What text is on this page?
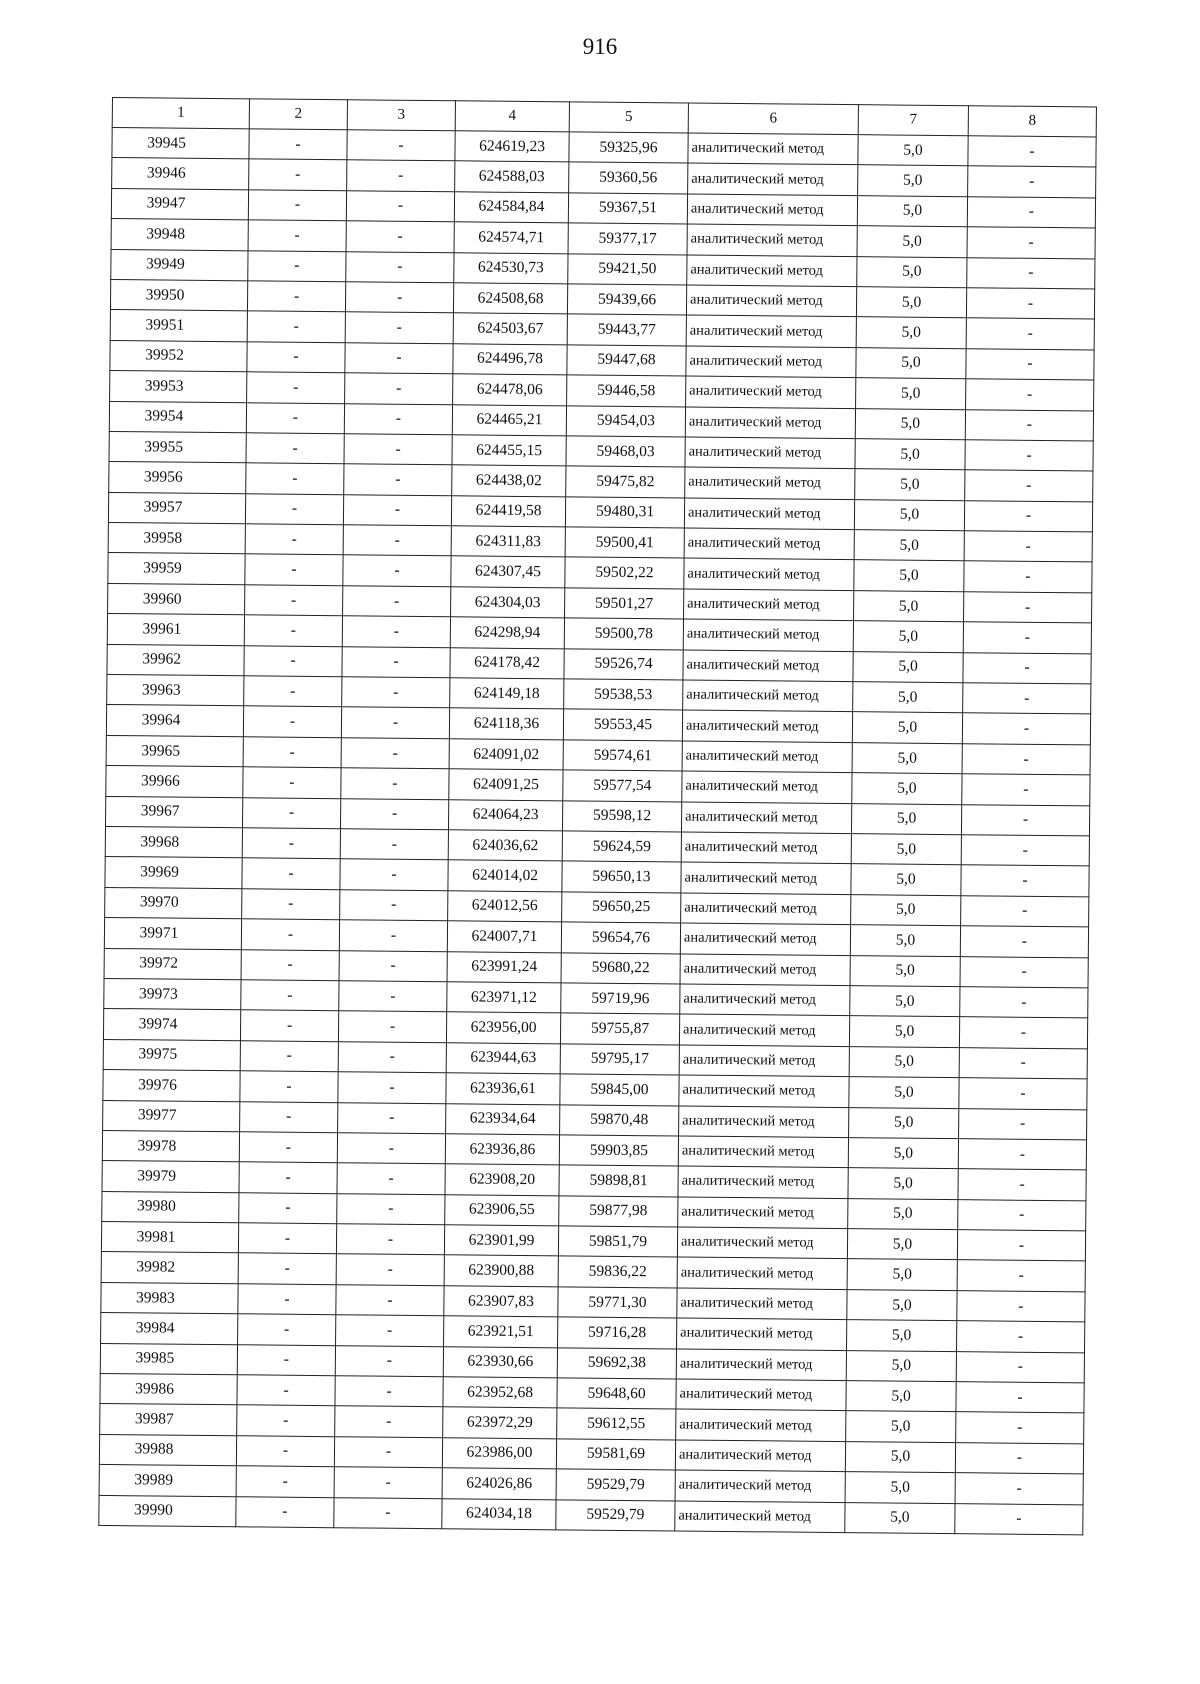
916
1	2	3	4	5	6	7	8
39945	-	-	624619,23	59325,96	аналитический метод	5,0	-
39946	-	-	624588,03	59360,56	аналитический метод	5,0	-
39947	-	-	624584,84	59367,51	аналитический метод	5,0	-
39948	-	-	624574,71	59377,17	аналитический метод	5,0	-
39949	-	-	624530,73	59421,50	аналитический метод	5,0	-
39950	-	-	624508,68	59439,66	аналитический метод	5,0	-
39951	-	-	624503,67	59443,77	аналитический метод	5,0	-
39952	-	-	624496,78	59447,68	аналитический метод	5,0	-
39953	-	-	624478,06	59446,58	аналитический метод	5,0	-
39954	-	-	624465,21	59454,03	аналитический метод	5,0	-
39955	-	-	624455,15	59468,03	аналитический метод	5,0	-
39956	-	-	624438,02	59475,82	аналитический метод	5,0	-
39957	-	-	624419,58	59480,31	аналитический метод	5,0	-
39958	-	-	624311,83	59500,41	аналитический метод	5,0	-
39959	-	-	624307,45	59502,22	аналитический метод	5,0	-
39960	-	-	624304,03	59501,27	аналитический метод	5,0	-
39961	-	-	624298,94	59500,78	аналитический метод	5,0	-
39962	-	-	624178,42	59526,74	аналитический метод	5,0	-
39963	-	-	624149,18	59538,53	аналитический метод	5,0	-
39964	-	-	624118,36	59553,45	аналитический метод	5,0	-
39965	-	-	624091,02	59574,61	аналитический метод	5,0	-
39966	-	-	624091,25	59577,54	аналитический метод	5,0	-
39967	-	-	624064,23	59598,12	аналитический метод	5,0	-
39968	-	-	624036,62	59624,59	аналитический метод	5,0	-
39969	-	-	624014,02	59650,13	аналитический метод	5,0	-
39970	-	-	624012,56	59650,25	аналитический метод	5,0	-
39971	-	-	624007,71	59654,76	аналитический метод	5,0	-
39972	-	-	623991,24	59680,22	аналитический метод	5,0	-
39973	-	-	623971,12	59719,96	аналитический метод	5,0	-
39974	-	-	623956,00	59755,87	аналитический метод	5,0	-
39975	-	-	623944,63	59795,17	аналитический метод	5,0	-
39976	-	-	623936,61	59845,00	аналитический метод	5,0	-
39977	-	-	623934,64	59870,48	аналитический метод	5,0	-
39978	-	-	623936,86	59903,85	аналитический метод	5,0	-
39979	-	-	623908,20	59898,81	аналитический метод	5,0	-
39980	-	-	623906,55	59877,98	аналитический метод	5,0	-
39981	-	-	623901,99	59851,79	аналитический метод	5,0	-
39982	-	-	623900,88	59836,22	аналитический метод	5,0	-
39983	-	-	623907,83	59771,30	аналитический метод	5,0	-
39984	-	-	623921,51	59716,28	аналитический метод	5,0	-
39985	-	-	623930,66	59692,38	аналитический метод	5,0	-
39986	-	-	623952,68	59648,60	аналитический метод	5,0	-
39987	-	-	623972,29	59612,55	аналитический метод	5,0	-
39988	-	-	623986,00	59581,69	аналитический метод	5,0	-
39989	-	-	624026,86	59529,79	аналитический метод	5,0	-
39990	-	-	624034,18	59529,79	аналитический метод	5,0	-
